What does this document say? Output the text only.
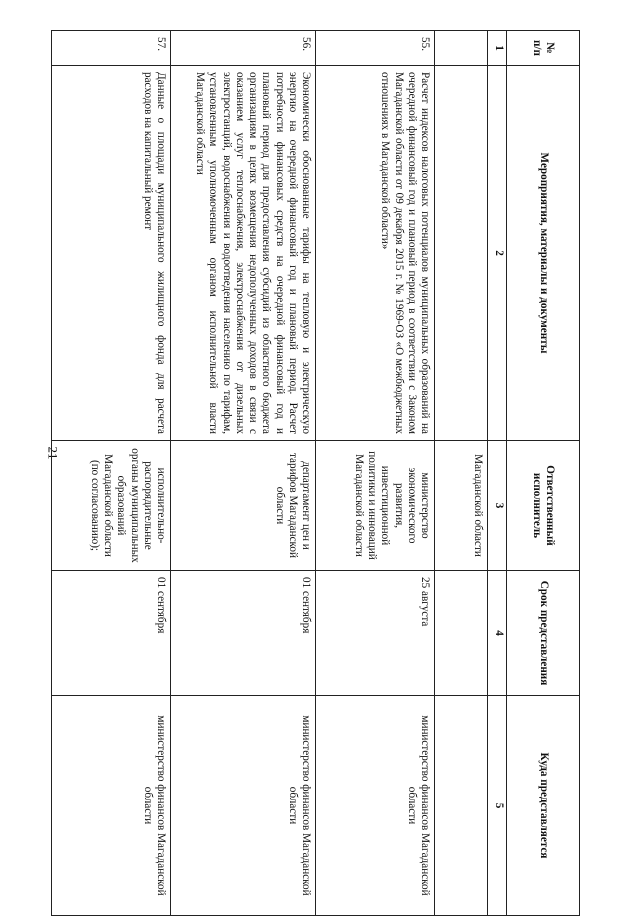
21
№ п/п	Мероприятия, материалы и документы	Ответственный исполнитель	Срок представления	Куда представляется
1	2	3	4	5
		Магаданской области		
55.	Расчет индексов налоговых потенциалов муниципальных образований на очередной финансовый год и плановый период в соответствии с Законом Магаданской области от 09 декабря 2015 г. № 1969-ОЗ «О межбюджетных отношениях в Магаданской области»	министерство экономического развития, инвестиционной политики и инноваций Магаданской области	25 августа	министерство финансов Магаданской области
56.	Экономически обоснованные тарифы на тепловую и электрическую энергию на очередной финансовый год и плановый период. Расчет потребности финансовых средств на очередной финансовый год и плановый период для предоставления субсидий из областного бюджета организациям в целях возмещения недополученных доходов в связи с оказанием услуг теплоснабжения, электроснабжения от дизельных электростанций, водоснабжения и водоотведения населению по тарифам, установленным уполномоченным органом исполнительной власти Магаданской области	департамент цен и тарифов Магаданской области	01 сентября	министерство финансов Магаданской области
57.	Данные о площади муниципального жилищного фонда для расчета расходов на капитальный ремонт	исполнительно-распорядительные органы муниципальных образований Магаданской области (по согласованию);	01 сентября	министерство финансов Магаданской области
